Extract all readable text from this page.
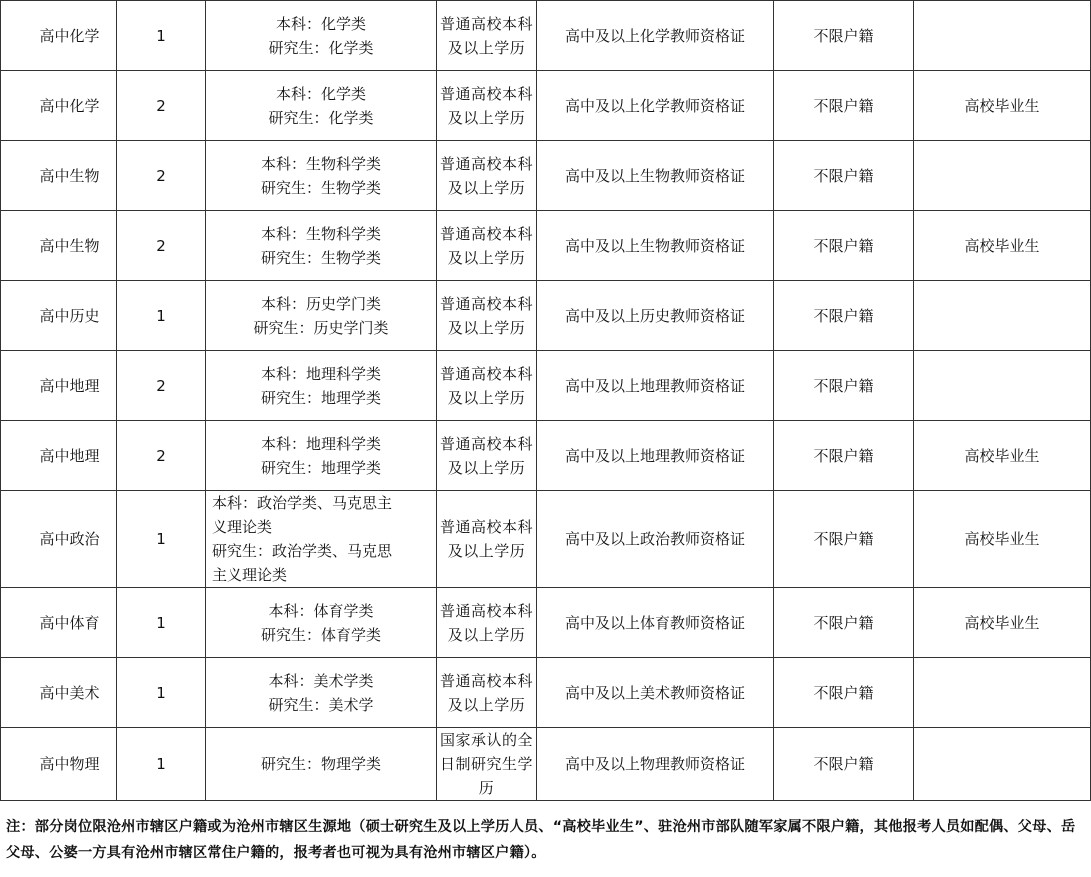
高中化学	1	本科：化学类
研究生：化学类	普通高校本科及以上学历	高中及以上化学教师资格证	不限户籍	
高中化学	2	本科：化学类
研究生：化学类	普通高校本科及以上学历	高中及以上化学教师资格证	不限户籍	高校毕业生
高中生物	2	本科：生物科学类
研究生：生物学类	普通高校本科及以上学历	高中及以上生物教师资格证	不限户籍	
高中生物	2	本科：生物科学类
研究生：生物学类	普通高校本科及以上学历	高中及以上生物教师资格证	不限户籍	高校毕业生
高中历史	1	本科：历史学门类
研究生：历史学门类	普通高校本科及以上学历	高中及以上历史教师资格证	不限户籍	
高中地理	2	本科：地理科学类
研究生：地理学类	普通高校本科及以上学历	高中及以上地理教师资格证	不限户籍	
高中地理	2	本科：地理科学类
研究生：地理学类	普通高校本科及以上学历	高中及以上地理教师资格证	不限户籍	高校毕业生
高中政治	1	本科：政治学类、马克思主
义理论类
研究生：政治学类、马克思
主义理论类	普通高校本科及以上学历	高中及以上政治教师资格证	不限户籍	高校毕业生
高中体育	1	本科：体育学类
研究生：体育学类	普通高校本科及以上学历	高中及以上体育教师资格证	不限户籍	高校毕业生
高中美术	1	本科：美术学类
研究生：美术学	普通高校本科及以上学历	高中及以上美术教师资格证	不限户籍	
高中物理	1	研究生：物理学类	国家承认的全日制研究生学历	高中及以上物理教师资格证	不限户籍	
注：部分岗位限沧州市辖区户籍或为沧州市辖区生源地（硕士研究生及以上学历人员、“高校毕业生”、驻沧州市部队随军家属不限户籍，其他报考人员如配偶、父母、岳父母、公婆一方具有沧州市辖区常住户籍的，报考者也可视为具有沧州市辖区户籍）。
